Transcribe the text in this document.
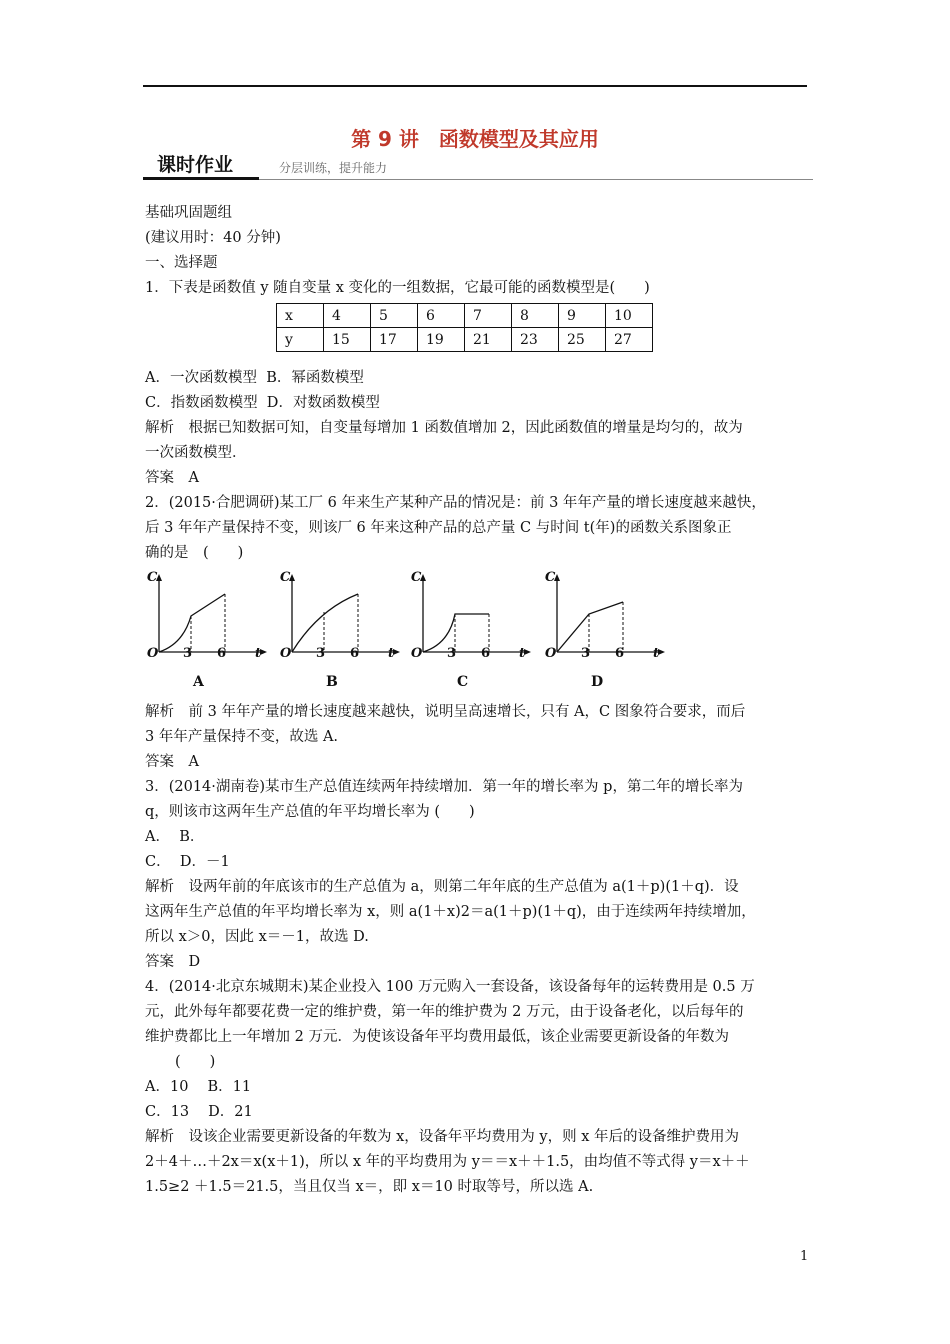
第 9 讲　函数模型及其应用
课时作业	分层训练，提升能力
基础巩固题组
(建议用时：40 分钟)
一、选择题
1．下表是函数值 y 随自变量 x 变化的一组数据，它最可能的函数模型是(　　)
x	4	5	6	7	8	9	10
y	15	17	19	21	23	25	27
A．一次函数模型  B．幂函数模型
C．指数函数模型  D．对数函数模型
解析　根据已知数据可知，自变量每增加 1 函数值增加 2，因此函数值的增量是均匀的，故为
一次函数模型．
答案　A
2．(2015·合肥调研)某工厂 6 年来生产某种产品的情况是：前 3 年年产量的增长速度越来越快，
后 3 年年产量保持不变，则该厂 6 年来这种产品的总产量 C 与时间 t(年)的函数关系图象正
确的是　(　　)
C
O 3 6 t
A
C
O 3 6 t
B
C
O 3 6 t
C
C
O 3 6 t
D
解析　前 3 年年产量的增长速度越来越快，说明呈高速增长，只有 A，C 图象符合要求，而后
3 年年产量保持不变，故选 A.
答案　A
3．(2014·湖南卷)某市生产总值连续两年持续增加．第一年的增长率为 p，第二年的增长率为
q，则该市这两年生产总值的年平均增长率为 (　　)
A．  B．
C．  D．－1
解析　设两年前的年底该市的生产总值为 a，则第二年年底的生产总值为 a(1＋p)(1＋q)．设
这两年生产总值的年平均增长率为 x，则 a(1＋x)2＝a(1＋p)(1＋q)，由于连续两年持续增加，
所以 x＞0，因此 x＝－1，故选 D.
答案　D
4．(2014·北京东城期末)某企业投入 100 万元购入一套设备，该设备每年的运转费用是 0.5 万
元，此外每年都要花费一定的维护费，第一年的维护费为 2 万元，由于设备老化，以后每年的
维护费都比上一年增加 2 万元．为使该设备年平均费用最低，该企业需要更新设备的年数为
(　　)
A．10　 B．11
C．13　 D．21
解析　设该企业需要更新设备的年数为 x，设备年平均费用为 y，则 x 年后的设备维护费用为
2＋4＋…＋2x＝x(x＋1)，所以 x 年的平均费用为 y＝＝x＋＋1.5，由均值不等式得 y＝x＋＋
1.5≥2 ＋1.5＝21.5，当且仅当 x＝，即 x＝10 时取等号，所以选 A.
1
